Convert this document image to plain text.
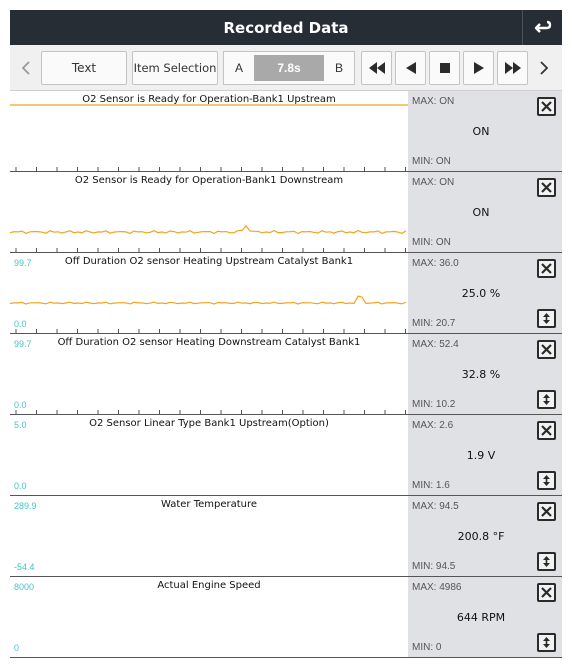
Recorded Data
Text	Item Selection	A	7.8s	B
O2 Sensor is Ready for Operation-Bank1 Upstream	MAX: ON
ON
MIN: ON
O2 Sensor is Ready for Operation-Bank1 Downstream	MAX: ON
ON
MIN: ON
99.7
0.0
Off Duration O2 sensor Heating Upstream Catalyst Bank1	MAX: 36.0
25.0 %
MIN: 20.7
99.7
0.0
Off Duration O2 sensor Heating Downstream Catalyst Bank1	MAX: 52.4
32.8 %
MIN: 10.2
5.0
0.0
O2 Sensor Linear Type Bank1 Upstream(Option)	MAX: 2.6
1.9 V
MIN: 1.6
289.9
-54.4
Water Temperature	MAX: 94.5
200.8 °F
MIN: 94.5
8000
0
Actual Engine Speed	MAX: 4986
644 RPM
MIN: 0
